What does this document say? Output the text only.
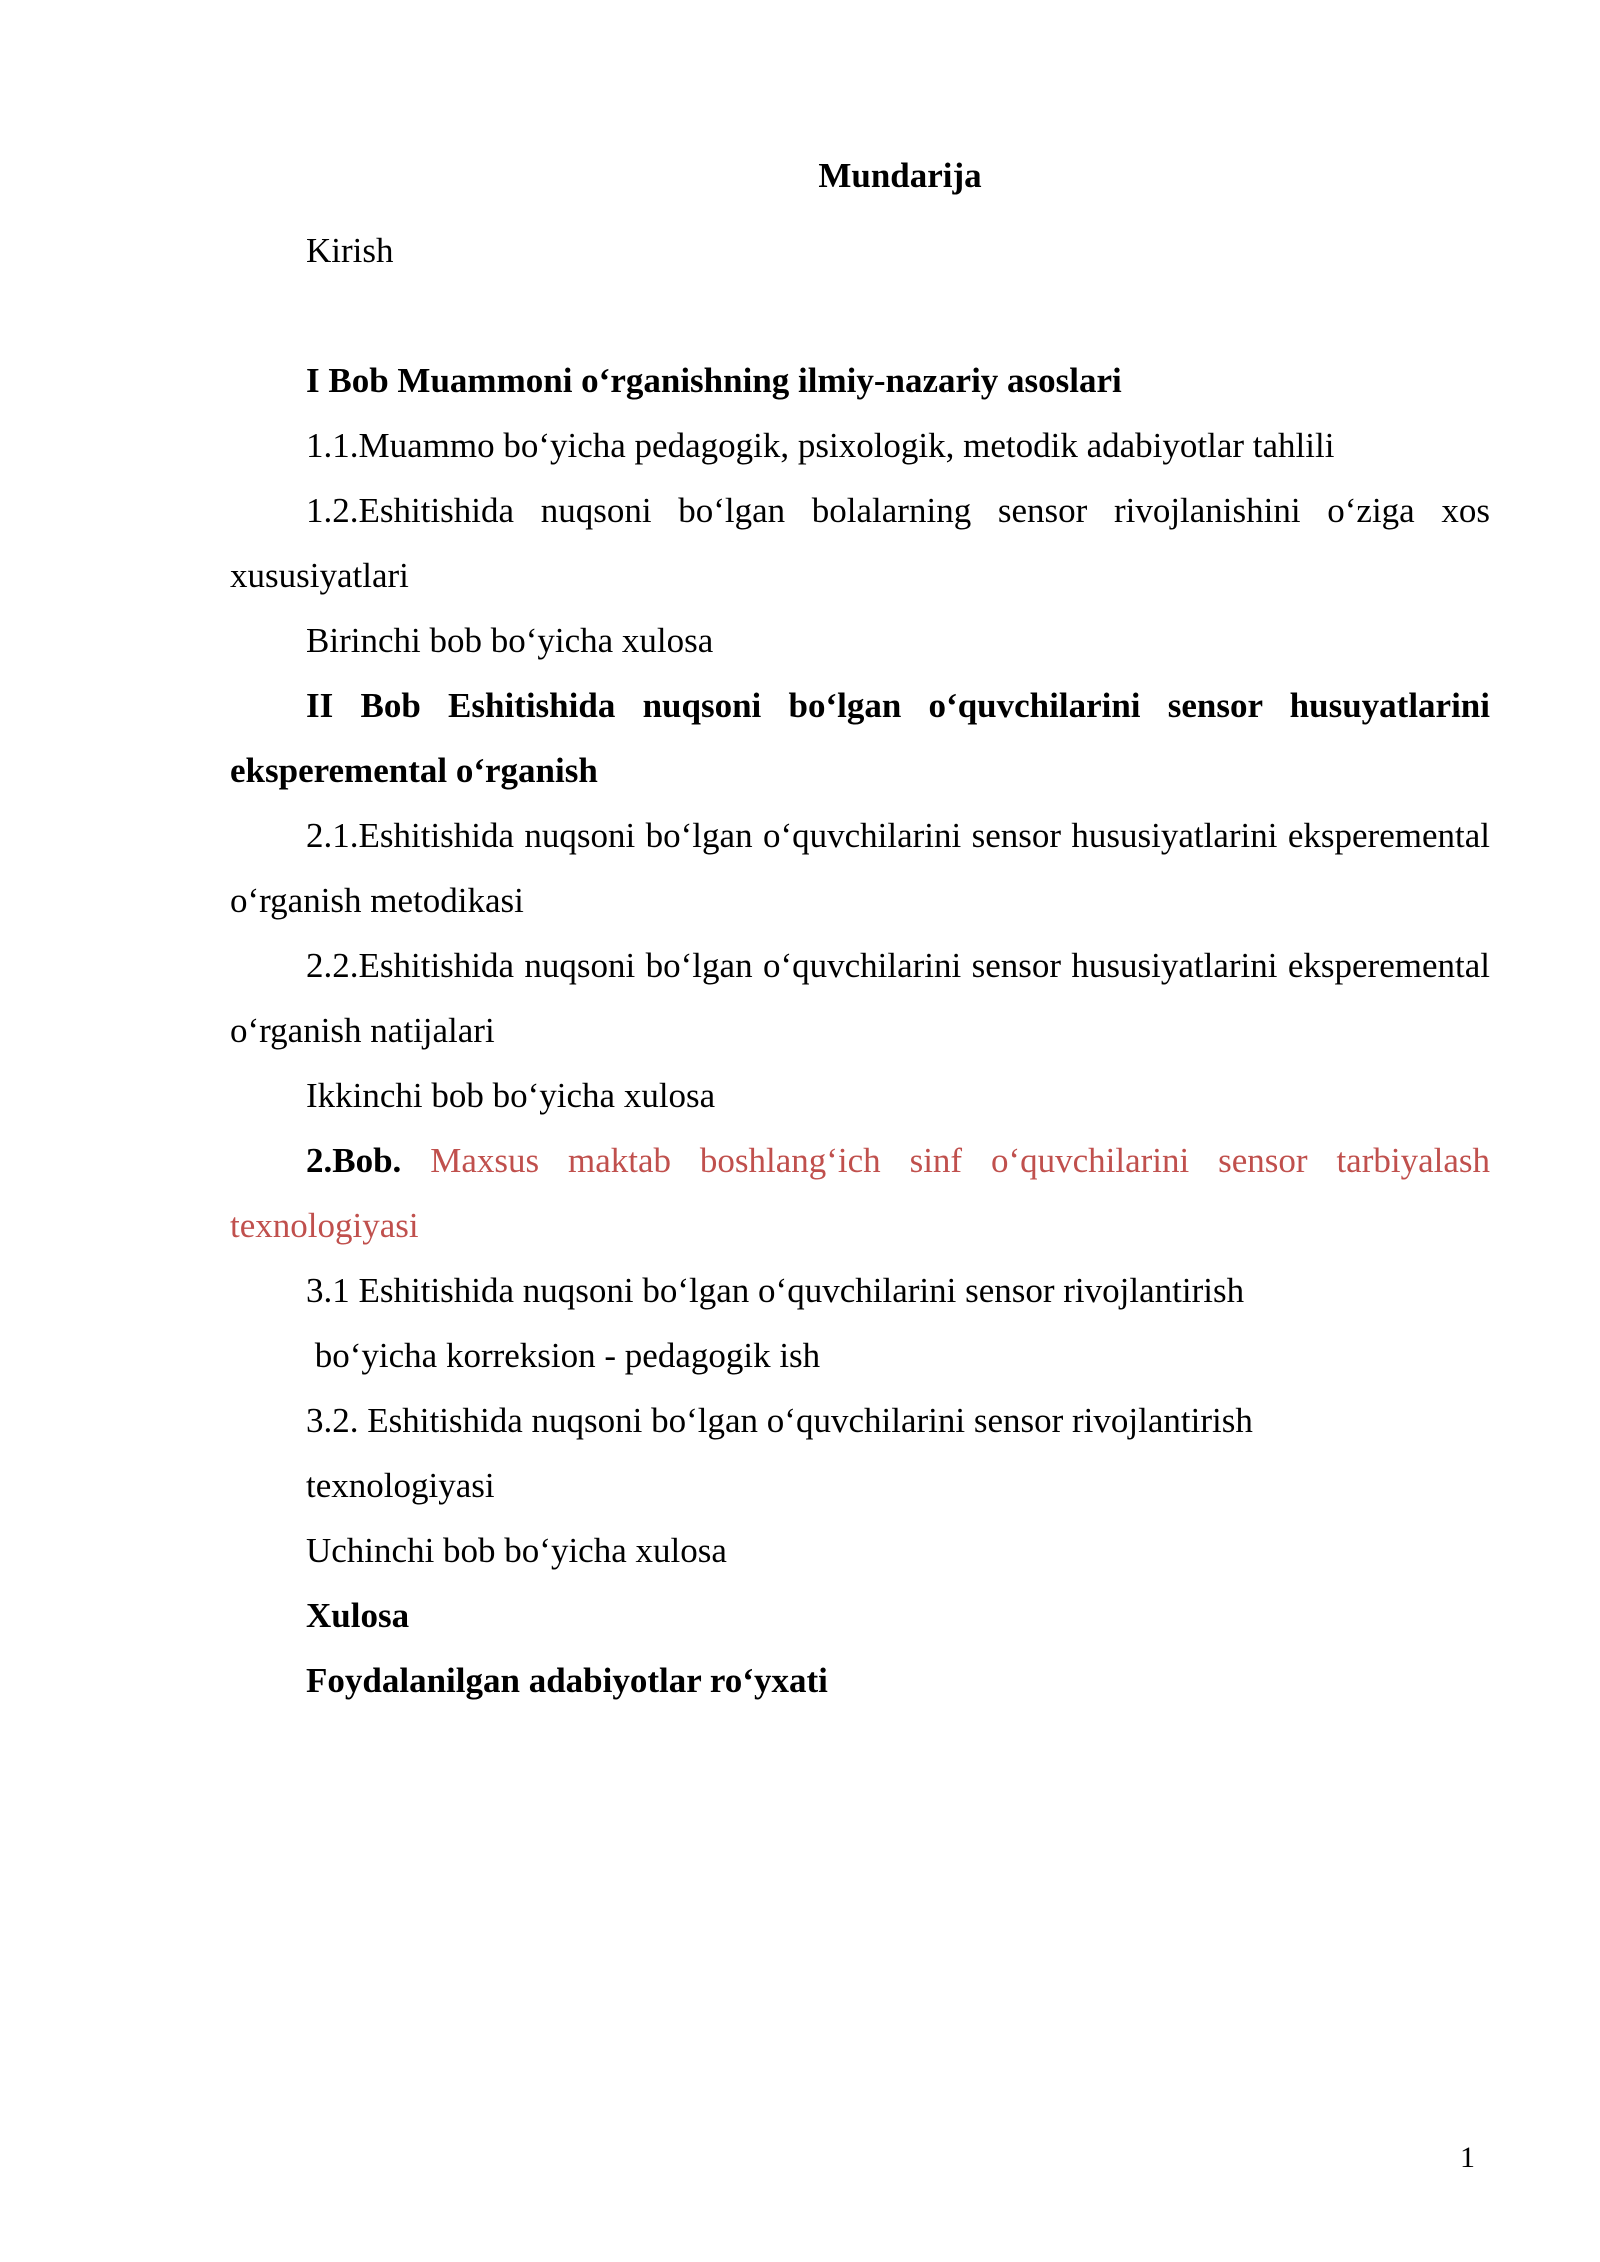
Mundarija

Kirish

I Bob Muammoni o‘rganishning ilmiy-nazariy asoslari

1.1.Muammo bo‘yicha pedagogik, psixologik, metodik adabiyotlar tahlili

1.2.Eshitishida nuqsoni bo‘lgan bolalarning sensor rivojlanishini o‘ziga xos xususiyatlari

Birinchi bob bo‘yicha xulosa

II Bob Eshitishida nuqsoni bo‘lgan o‘quvchilarini sensor husuyatlarini eksperemental o‘rganish

2.1.Eshitishida nuqsoni bo‘lgan o‘quvchilarini sensor hususiyatlarini eksperemental o‘rganish metodikasi

2.2.Eshitishida nuqsoni bo‘lgan o‘quvchilarini sensor hususiyatlarini eksperemental o‘rganish natijalari

Ikkinchi bob bo‘yicha xulosa

2.Bob. Maxsus maktab boshlang‘ich sinf o‘quvchilarini sensor tarbiyalash texnologiyasi

3.1 Eshitishida nuqsoni bo‘lgan o‘quvchilarini sensor rivojlantirish

bo‘yicha korreksion - pedagogik ish

3.2. Eshitishida nuqsoni bo‘lgan o‘quvchilarini sensor rivojlantirish

texnologiyasi

Uchinchi bob bo‘yicha xulosa

Xulosa

Foydalanilgan adabiyotlar ro‘yxati

1
